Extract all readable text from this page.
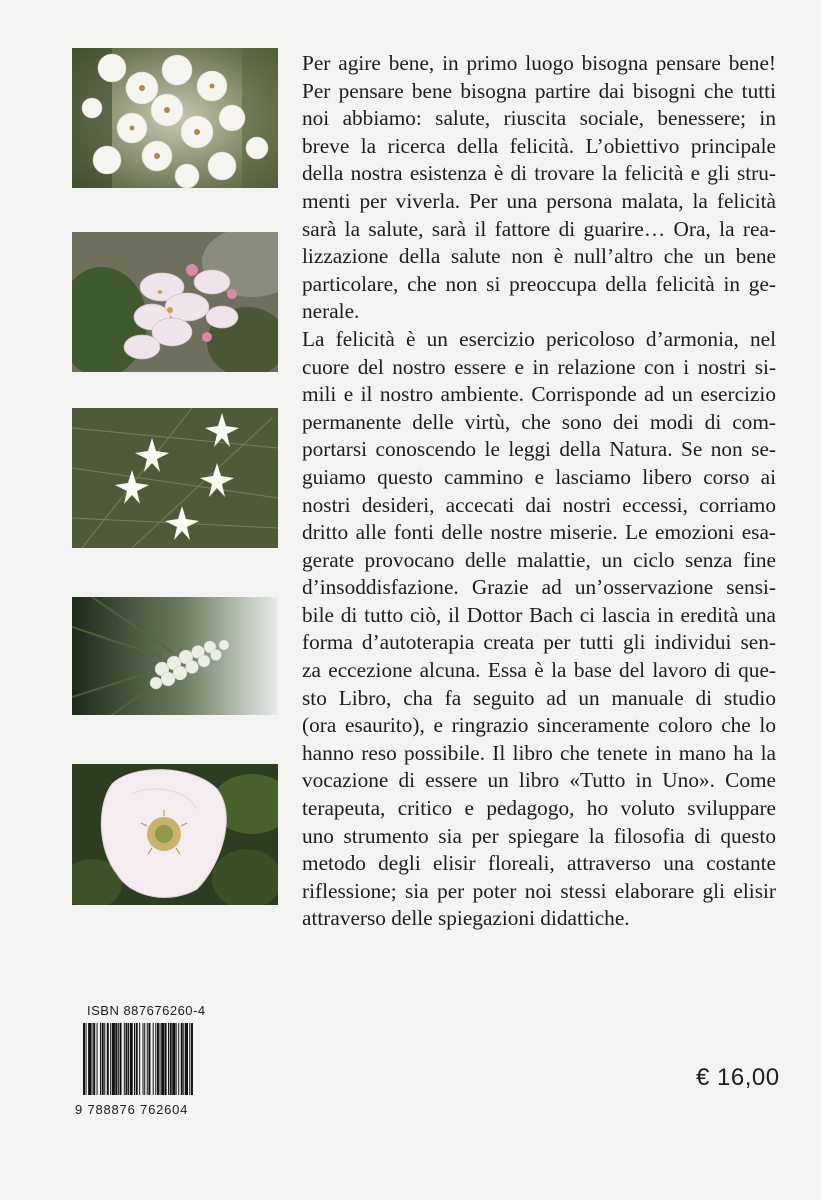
Per agire bene, in primo luogo bisogna pensare bene!
Per pensare bene bisogna partire dai bisogni che tutti
noi abbiamo: salute, riuscita sociale, benessere; in
breve la ricerca della felicità. L’obiettivo principale
della nostra esistenza è di trovare la felicità e gli stru-
menti per viverla. Per una persona malata, la felicità
sarà la salute, sarà il fattore di guarire… Ora, la rea-
lizzazione della salute non è null’altro che un bene
particolare, che non si preoccupa della felicità in ge-
nerale.
La felicità è un esercizio pericoloso d’armonia, nel
cuore del nostro essere e in relazione con i nostri si-
mili e il nostro ambiente. Corrisponde ad un esercizio
permanente delle virtù, che sono dei modi di com-
portarsi conoscendo le leggi della Natura. Se non se-
guiamo questo cammino e lasciamo libero corso ai
nostri desideri, accecati dai nostri eccessi, corriamo
dritto alle fonti delle nostre miserie. Le emozioni esa-
gerate provocano delle malattie, un ciclo senza fine
d’insoddisfazione. Grazie ad un’osservazione sensi-
bile di tutto ciò, il Dottor Bach ci lascia in eredità una
forma d’autoterapia creata per tutti gli individui sen-
za eccezione alcuna. Essa è la base del lavoro di que-
sto Libro, cha fa seguito ad un manuale di studio
(ora esaurito), e ringrazio sinceramente coloro che lo
hanno reso possibile. Il libro che tenete in mano ha la
vocazione di essere un libro «Tutto in Uno». Come
terapeuta, critico e pedagogo, ho voluto sviluppare
uno strumento sia per spiegare la filosofia di questo
metodo degli elisir floreali, attraverso una costante
riflessione; sia per poter noi stessi elaborare gli elisir
attraverso delle spiegazioni didattiche.
ISBN 887676260-4
9 788876 762604
€ 16,00
